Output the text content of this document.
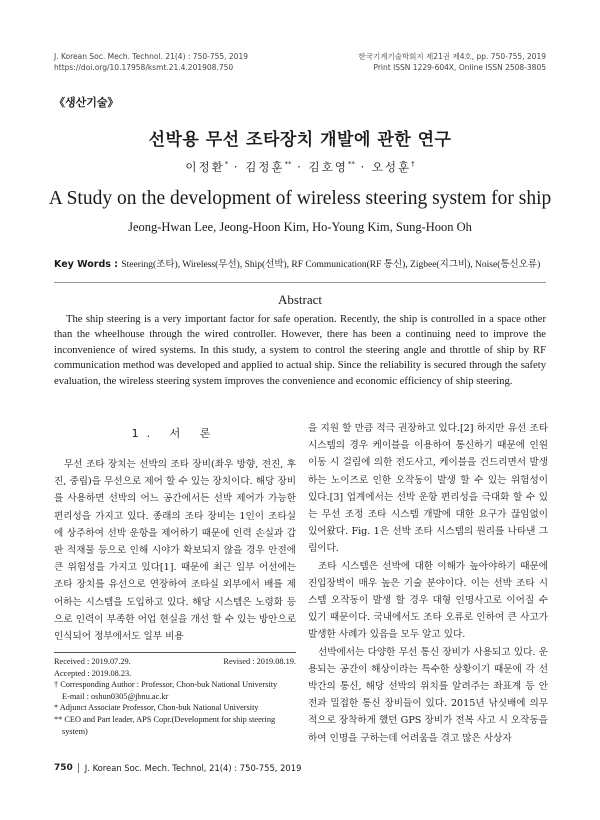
J. Korean Soc. Mech. Technol. 21(4) : 750-755, 2019	한국기계기술학회지 제21권 제4호, pp. 750-755, 2019
https://doi.org/10.17958/ksmt.21.4.201908.750	Print ISSN 1229-604X, Online ISSN 2508-3805
《생산기술》
선박용 무선 조타장치 개발에 관한 연구
이정환* · 김정훈** · 김호영** · 오성훈†
A Study on the development of wireless steering system for ship
Jeong-Hwan Lee, Jeong-Hoon Kim, Ho-Young Kim, Sung-Hoon Oh
Key Words : Steering(조타), Wireless(무선), Ship(선박), RF Communication(RF 통신), Zigbee(지그비), Noise(통신오류)
Abstract
The ship steering is a very important factor for safe operation. Recently, the ship is controlled in a space other than the wheelhouse through the wired controller. However, there has been a continuing need to improve the inconvenience of wired systems. In this study, a system to control the steering angle and throttle of ship by RF communication method was developed and applied to actual ship. Since the reliability is secured through the safety evaluation, the wireless steering system improves the convenience and economic efficiency of ship steering.
1. 서 론

무선 조타 장치는 선박의 조타 장비(좌우 방향, 전진, 후진, 중립)을 무선으로 제어 할 수 있는 장치이다. 해당 장비를 사용하면 선박의 어느 공간에서든 선박 제어가 가능한 편리성을 가지고 있다. 종래의 조타 장비는 1인이 조타실에 상주하여 선박 운항을 제어하기 때문에 인력 손실과 갑판 적재물 등으로 인해 시야가 확보되지 않을 경우 안전에 큰 위험성을 가지고 있다[1]. 때문에 최근 일부 어선에는 조타 장치를 유선으로 연장하여 조타실 외부에서 배를 제어하는 시스템을 도입하고 있다. 해당 시스템은 노령화 등으로 인력이 부족한 어업 현실을 개선 할 수 있는 방안으로 인식되어 정부에서도 일부 비용

을 지원 할 만큼 적극 권장하고 있다.[2] 하지만 유선 조타 시스템의 경우 케이블을 이용하여 통신하기 때문에 인원 이동 시 걸림에 의한 전도사고, 케이블을 건드리면서 발생하는 노이즈로 인한 오작동이 발생 할 수 있는 위험성이 있다.[3] 업계에서는 선박 운항 편리성을 극대화 할 수 있는 무선 조정 조타 시스템 개발에 대한 요구가 끊임없이 있어왔다. Fig. 1은 선박 조타 시스템의 원리를 나타낸 그림이다.

조타 시스템은 선박에 대한 이해가 높아야하기 때문에 진입장벽이 매우 높은 기술 분야이다. 이는 선박 조타 시스템 오작동이 발생 할 경우 대형 인명사고로 이어질 수 있기 때문이다. 국내에서도 조타 오류로 인하여 큰 사고가 발생한 사례가 있음을 모두 알고 있다.

선박에서는 다양한 무선 통신 장비가 사용되고 있다. 운용되는 공간이 해상이라는 특수한 상황이기 때문에 각 선박간의 통신, 해당 선박의 위치를 알려주는 좌표계 등 안전과 밀접한 통신 장비들이 있다. 2015년 낚싯배에 의무적으로 장착하게 했던 GPS 장비가 전복 사고 시 오작동을 하여 인명을 구하는데 어려움을 겪고 많은 사상자

Received : 2019.07.29.	Revised : 2019.08.19.
Accepted : 2019.08.23.
† Corresponding Author : Professor, Chon-buk National University
E-mail : oshun0305@jbnu.ac.kr
* Adjunct Associate Professor, Chon-buk National University
** CEO and Part leader, APS Copr.(Development for ship steering
system)
750 J. Korean Soc. Mech. Technol, 21(4) : 750-755, 2019
